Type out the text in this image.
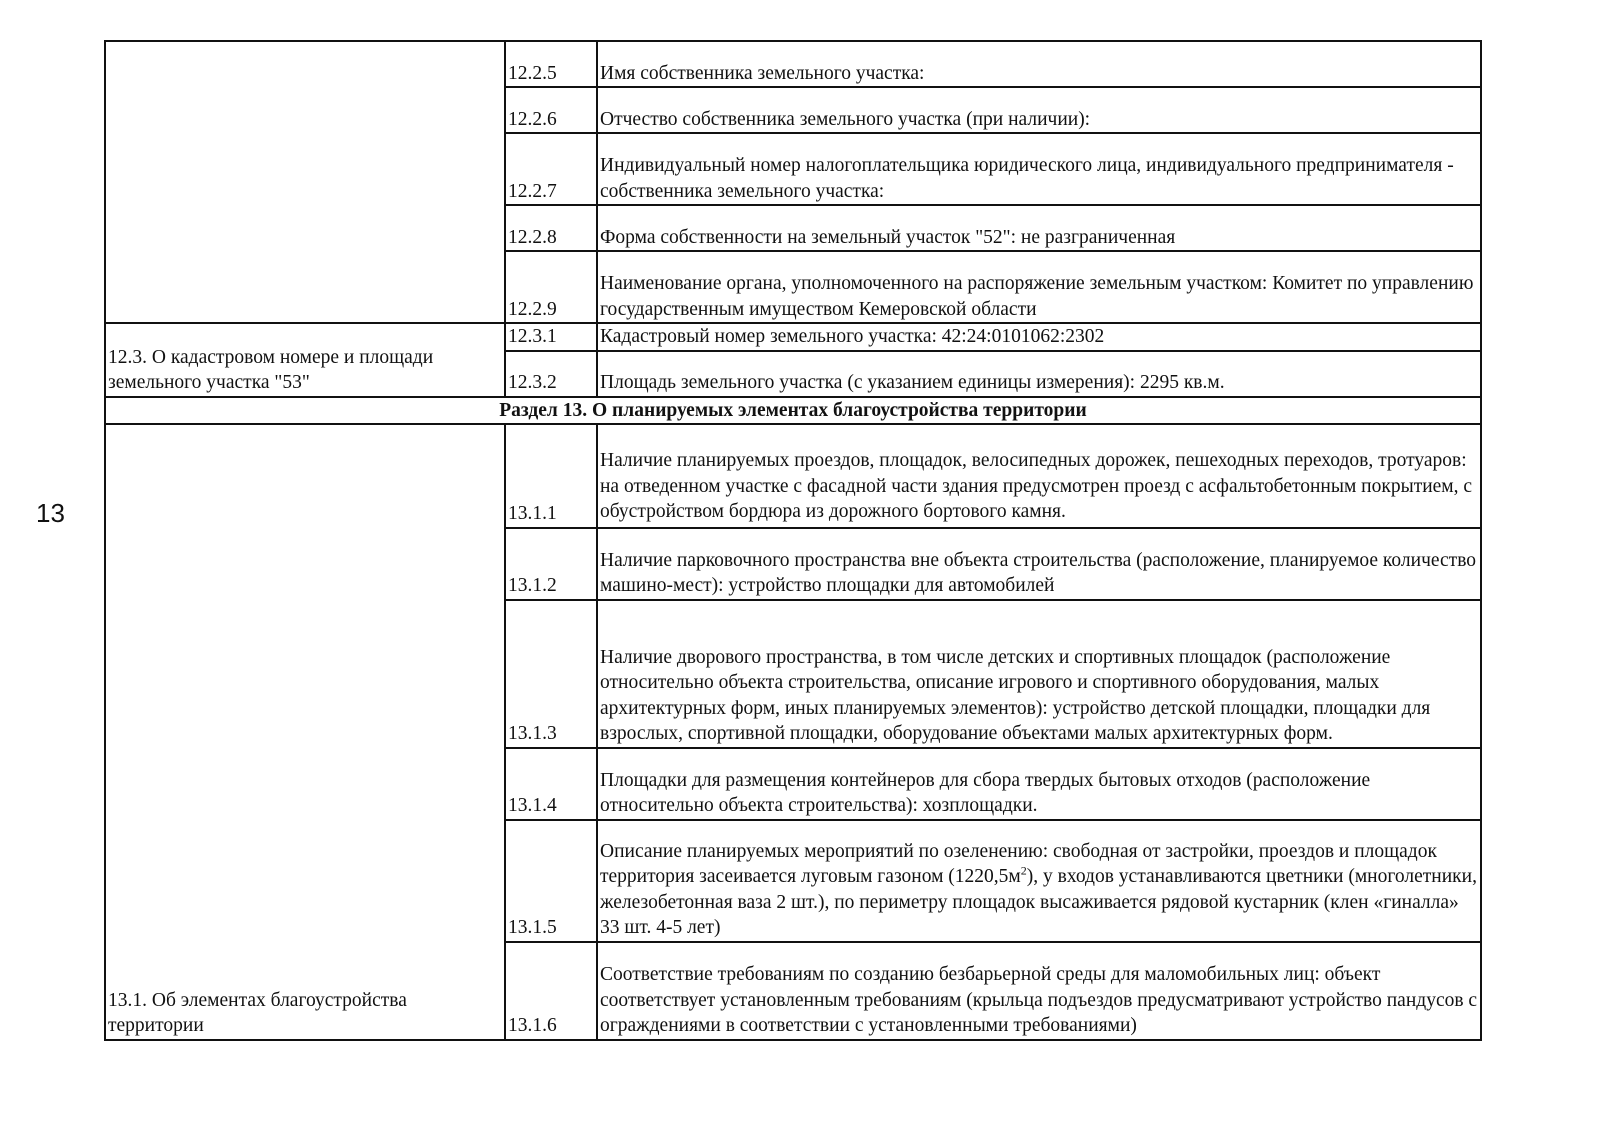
13
	12.2.5	Имя собственника земельного участка:
	12.2.6	Отчество собственника земельного участка (при наличии):
	12.2.7	Индивидуальный номер налогоплательщика юридического лица, индивидуального предпринимателя - собственника земельного участка:
	12.2.8	Форма собственности на земельный участок "52": не разграниченная
	12.2.9	Наименование органа, уполномоченного на распоряжение земельным участком: Комитет по управлению государственным имуществом Кемеровской области
12.3. О кадастровом номере и площади земельного участка "53"	12.3.1	Кадастровый номер земельного участка: 42:24:0101062:2302
	12.3.2	Площадь земельного участка (с указанием единицы измерения): 2295 кв.м.
Раздел 13. О планируемых элементах благоустройства территории		
13.1. Об элементах благоустройства территории	13.1.1	Наличие планируемых проездов, площадок, велосипедных дорожек, пешеходных переходов, тротуаров: на отведенном участке с фасадной части здания предусмотрен проезд с асфальтобетонным покрытием, с обустройством бордюра из дорожного бортового камня.
	13.1.2	Наличие парковочного пространства вне объекта строительства (расположение, планируемое количество машино-мест): устройство площадки для автомобилей
	13.1.3	Наличие дворового пространства, в том числе детских и спортивных площадок (расположение относительно объекта строительства, описание игрового и спортивного оборудования, малых архитектурных форм, иных планируемых элементов): устройство детской площадки, площадки для взрослых, спортивной площадки, оборудование объектами малых архитектурных форм.
	13.1.4	Площадки для размещения контейнеров для сбора твердых бытовых отходов (расположение относительно объекта строительства): хозплощадки.
	13.1.5	Описание планируемых мероприятий по озеленению: свободная от застройки, проездов и площадок территория засеивается луговым газоном $(1220,5м^2)$, у входов устанавливаются цветники (многолетники, железобетонная ваза 2 шт.), по периметру площадок высаживается рядовой кустарник (клен «гиналла» 33 шт. 4-5 лет)
	13.1.6	Соответствие требованиям по созданию безбарьерной среды для маломобильных лиц: объект соответствует установленным требованиям (крыльца подъездов предусматривают устройство пандусов с ограждениями в соответствии с установленными требованиями)
